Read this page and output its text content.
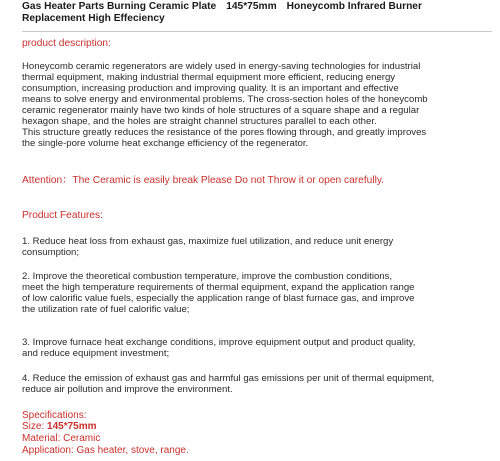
Gas Heater Parts Burning Ceramic Plate 145*75mm Honeycomb Infrared Burner
Replacement High Effeciency
product description:
Honeycomb ceramic regenerators are widely used in energy-saving technologies for industrial
thermal equipment, making industrial thermal equipment more efficient, reducing energy
consumption, increasing production and improving quality. It is an important and effective
means to solve energy and environmental problems. The cross-section holes of the honeycomb
ceramic regenerator mainly have two kinds of hole structures of a square shape and a regular
hexagon shape, and the holes are straight channel structures parallel to each other.
This structure greatly reduces the resistance of the pores flowing through, and greatly improves
the single-pore volume heat exchange efficiency of the regenerator.
Attention：The Ceramic is easily break Please Do not Throw it or open carefully.
Product Features:
1. Reduce heat loss from exhaust gas, maximize fuel utilization, and reduce unit energy
consumption;
2. Improve the theoretical combustion temperature, improve the combustion conditions,
meet the high temperature requirements of thermal equipment, expand the application range
of low calorific value fuels, especially the application range of blast furnace gas, and improve
the utilization rate of fuel calorific value;
3. Improve furnace heat exchange conditions, improve equipment output and product quality,
and reduce equipment investment;
4. Reduce the emission of exhaust gas and harmful gas emissions per unit of thermal equipment,
reduce air pollution and improve the environment.
Specifications:
Size: 145*75mm
Material: Ceramic
Application: Gas heater, stove, range.
